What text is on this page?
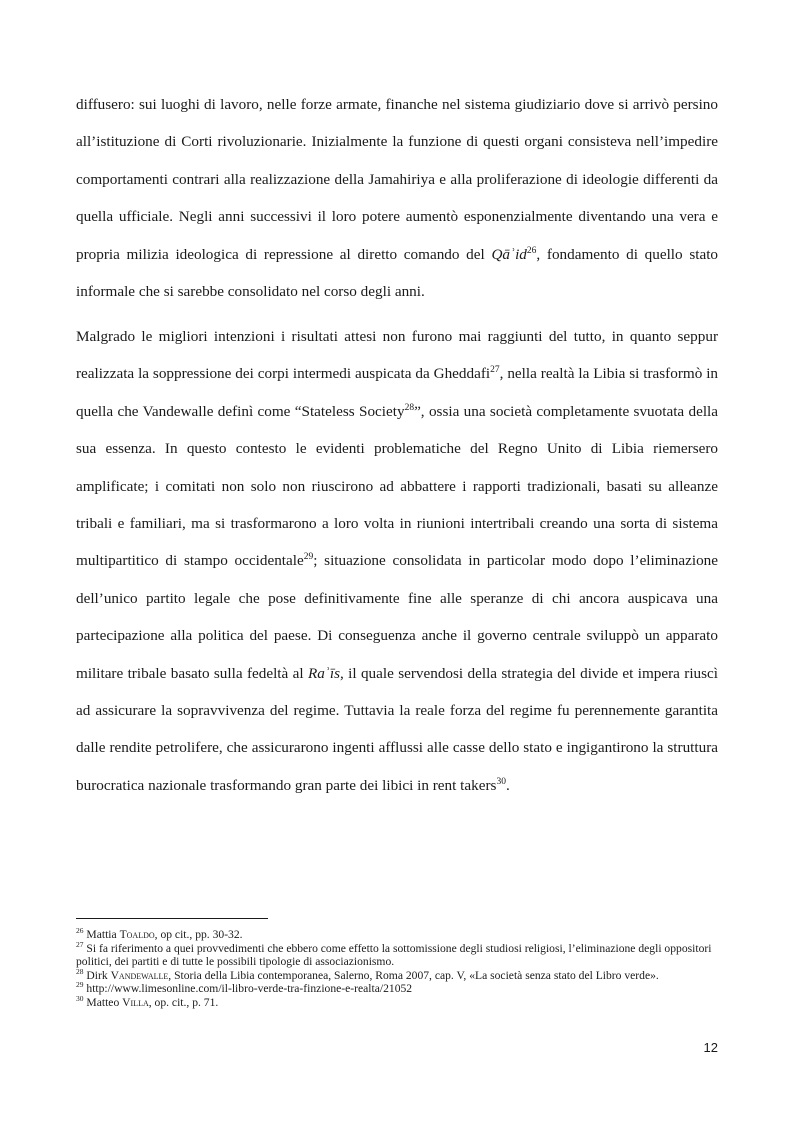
diffusero: sui luoghi di lavoro, nelle forze armate, finanche nel sistema giudiziario dove si arrivò persino all’istituzione di Corti rivoluzionarie. Inizialmente la funzione di questi organi consisteva nell’impedire comportamenti contrari alla realizzazione della Jamahiriya e alla proliferazione di ideologie differenti da quella ufficiale. Negli anni successivi il loro potere aumentò esponenzialmente diventando una vera e propria milizia ideologica di repressione al diretto comando del Qāʾid$^{26}$, fondamento di quello stato informale che si sarebbe consolidato nel corso degli anni.

Malgrado le migliori intenzioni i risultati attesi non furono mai raggiunti del tutto, in quanto seppur realizzata la soppressione dei corpi intermedi auspicata da Gheddafi$^{27}$, nella realtà la Libia si trasformò in quella che Vandewalle definì come “Stateless Society$^{28}$”, ossia una società completamente svuotata della sua essenza. In questo contesto le evidenti problematiche del Regno Unito di Libia riemersero amplificate; i comitati non solo non riuscirono ad abbattere i rapporti tradizionali, basati su alleanze tribali e familiari, ma si trasformarono a loro volta in riunioni intertribali creando una sorta di sistema multipartitico di stampo occidentale$^{29}$; situazione consolidata in particolar modo dopo l’eliminazione dell’unico partito legale che pose definitivamente fine alle speranze di chi ancora auspicava una partecipazione alla politica del paese. Di conseguenza anche il governo centrale sviluppò un apparato militare tribale basato sulla fedeltà al Raʾīs, il quale servendosi della strategia del divide et impera riuscì ad assicurare la sopravvivenza del regime. Tuttavia la reale forza del regime fu perennemente garantita dalle rendite petrolifere, che assicurarono ingenti afflussi alle casse dello stato e ingigantirono la struttura burocratica nazionale trasformando gran parte dei libici in rent takers$^{30}$.

$^{26}$ Mattia Toaldo, op cit., pp. 30-32.

$^{27}$ Si fa riferimento a quei provvedimenti che ebbero come effetto la sottomissione degli studiosi religiosi, l’eliminazione degli oppositori politici, dei partiti e di tutte le possibili tipologie di associazionismo.

$^{28}$ Dirk Vandewalle, Storia della Libia contemporanea, Salerno, Roma 2007, cap. V, «La società senza stato del Libro verde».

$^{29}$ http://www.limesonline.com/il-libro-verde-tra-finzione-e-realta/21052

$^{30}$ Matteo Villa, op. cit., p. 71.

12
